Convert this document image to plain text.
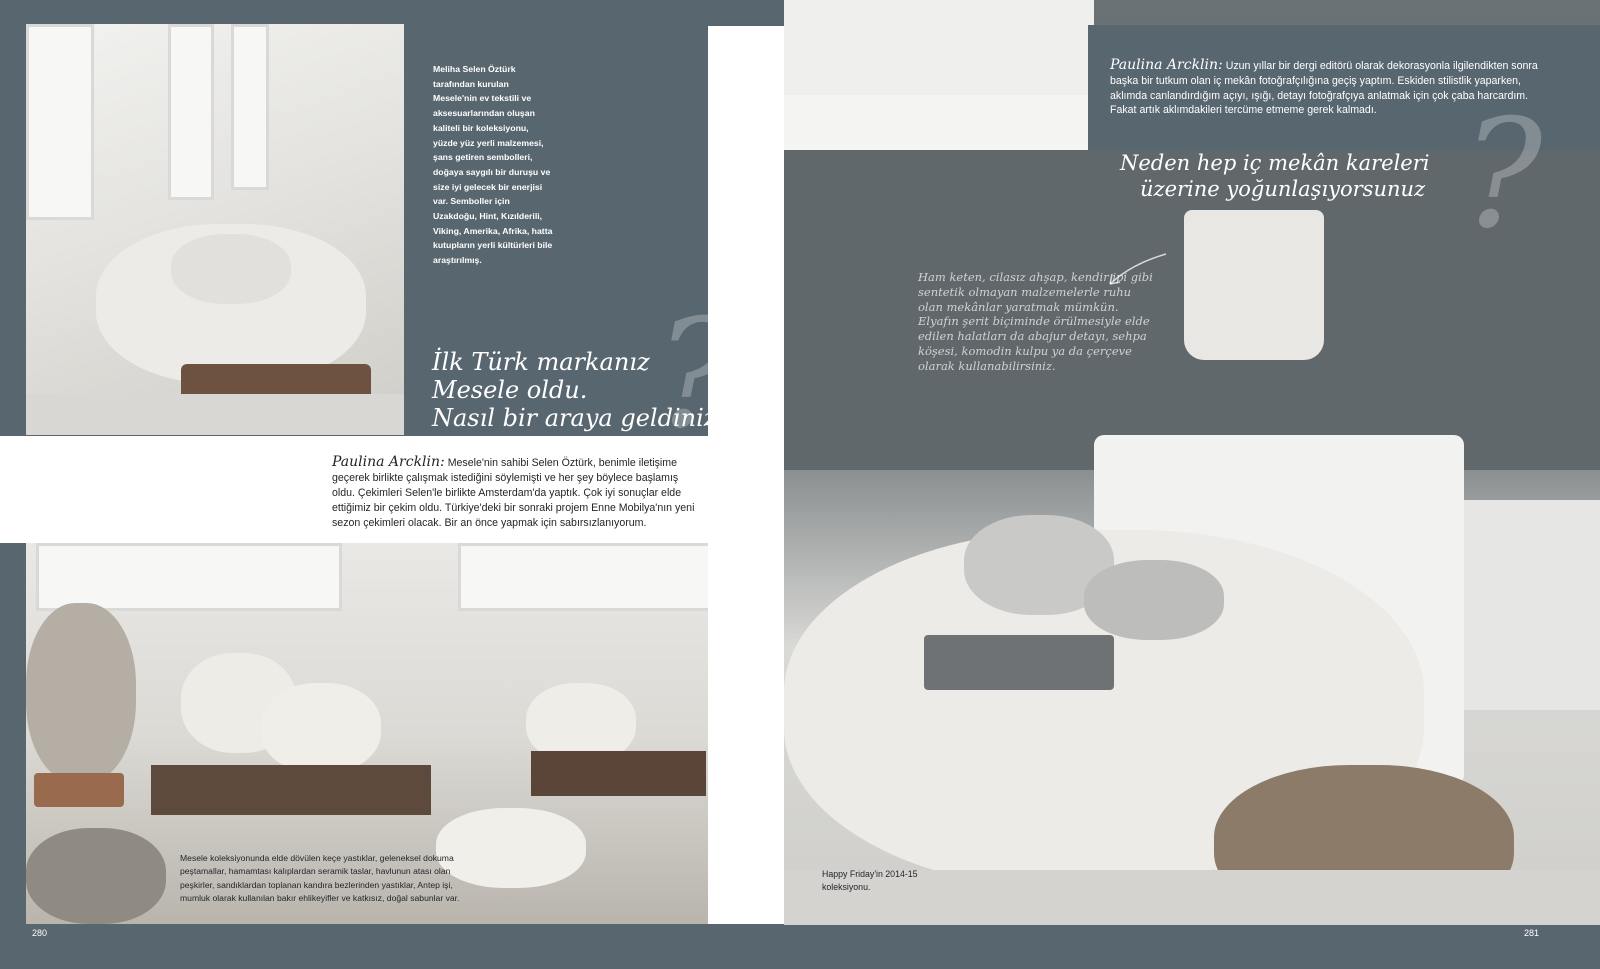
Meliha Selen Öztürk tarafından kurulan Mesele'nin ev tekstili ve aksesuarlarından oluşan kaliteli bir koleksiyonu, yüzde yüz yerli malzemesi, şans getiren sembolleri, doğaya saygılı bir duruşu ve size iyi gelecek bir enerjisi var. Semboller için Uzakdoğu, Hint, Kızılderili, Viking, Amerika, Afrika, hatta kutupların yerli kültürleri bile araştırılmış.
İlk Türk markanız
Mesele oldu.
Nasıl bir araya geldiniz
?
Paulina Arcklin: Mesele'nin sahibi Selen Öztürk, benimle iletişime geçerek birlikte çalışmak istediğini söylemişti ve her şey böylece başlamış oldu. Çekimleri Selen'le birlikte Amsterdam'da yaptık. Çok iyi sonuçlar elde ettiğimiz bir çekim oldu. Türkiye'deki bir sonraki projem Enne Mobilya'nın yeni sezon çekimleri olacak. Bir an önce yapmak için sabırsızlanıyorum.
Mesele koleksiyonunda elde dövülen keçe yastıklar, geleneksel dokuma peştamallar, hamamtası kalıplardan seramik taslar, havlunun atası olan peşkirler, sandıklardan toplanan kandıra bezlerinden yastıklar, Antep işi, mumluk olarak kullanılan bakır ehlikeyifler ve katkısız, doğal sabunlar var.
280
Paulina Arcklin: Uzun yıllar bir dergi editörü olarak dekorasyonla ilgilendikten sonra başka bir tutkum olan iç mekân fotoğrafçılığına geçiş yaptım. Eskiden stilistlik yaparken, aklımda canlandırdığım açıyı, ışığı, detayı fotoğrafçıya anlatmak için çok çaba harcardım. Fakat artık aklımdakileri tercüme etmeme gerek kalmadı.
Neden hep iç mekân kareleri
üzerine yoğunlaşıyorsunuz ?
Ham keten, cilasız ahşap, kendir ipi gibi sentetik olmayan malzemelerle ruhu olan mekânlar yaratmak mümkün. Elyafın şerit biçiminde örülmesiyle elde edilen halatları da abajur detayı, sehpa köşesi, komodin kulpu ya da çerçeve olarak kullanabilirsiniz.
Happy Friday'in 2014-15 koleksiyonu.
281
